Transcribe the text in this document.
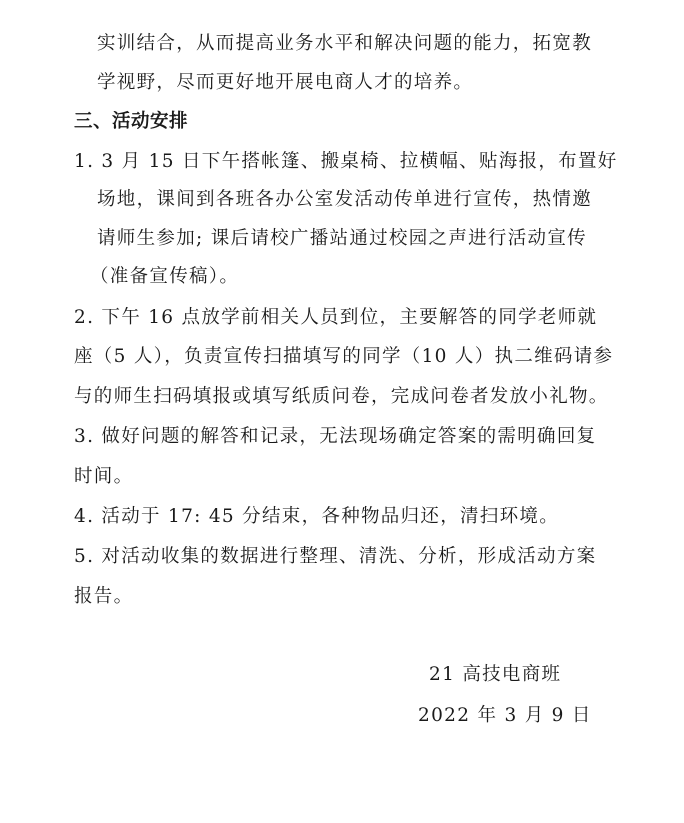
实训结合，从而提高业务水平和解决问题的能力，拓宽教
学视野，尽而更好地开展电商人才的培养。
三、活动安排
1. 3 月 15 日下午搭帐篷、搬桌椅、拉横幅、贴海报，布置好
场地，课间到各班各办公室发活动传单进行宣传，热情邀
请师生参加; 课后请校广播站通过校园之声进行活动宣传
（准备宣传稿）。
2. 下午 16 点放学前相关人员到位，主要解答的同学老师就
座（5 人），负责宣传扫描填写的同学（10 人）执二维码请参
与的师生扫码填报或填写纸质问卷，完成问卷者发放小礼物。
3. 做好问题的解答和记录，无法现场确定答案的需明确回复
时间。
4. 活动于 17: 45 分结束，各种物品归还，清扫环境。
5. 对活动收集的数据进行整理、清洗、分析，形成活动方案
报告。
21 高技电商班
2022 年 3 月 9 日
